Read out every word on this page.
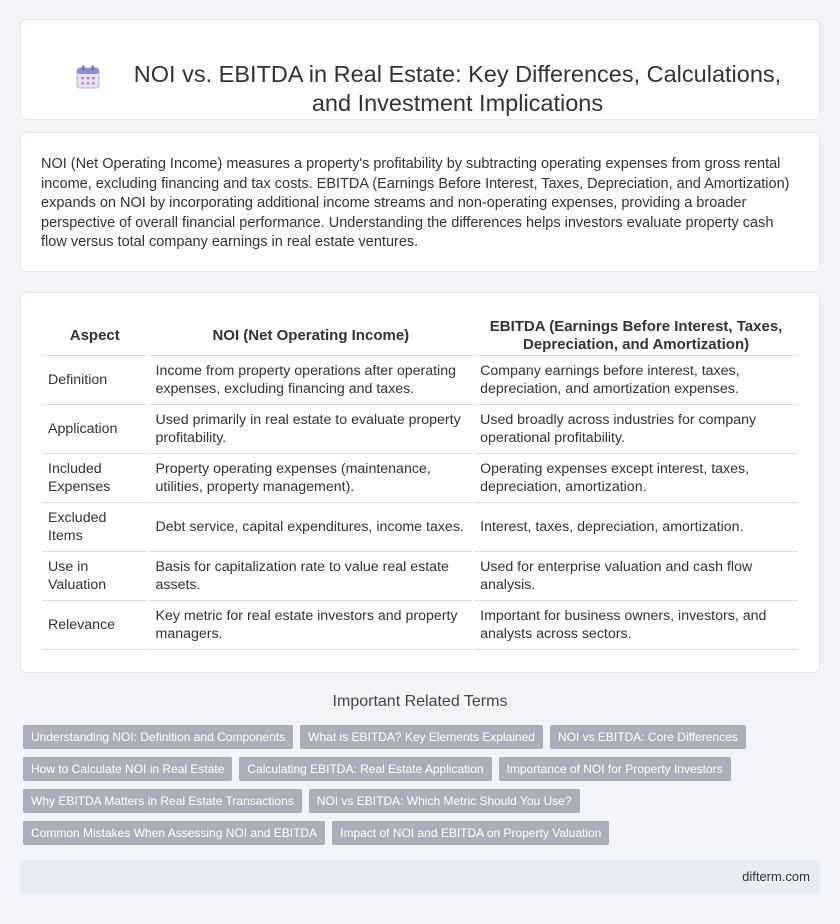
NOI vs. EBITDA in Real Estate: Key Differences, Calculations, and Investment Implications
NOI (Net Operating Income) measures a property's profitability by subtracting operating expenses from gross rental income, excluding financing and tax costs. EBITDA (Earnings Before Interest, Taxes, Depreciation, and Amortization) expands on NOI by incorporating additional income streams and non-operating expenses, providing a broader perspective of overall financial performance. Understanding the differences helps investors evaluate property cash flow versus total company earnings in real estate ventures.
Aspect	NOI (Net Operating Income)	EBITDA (Earnings Before Interest, Taxes, Depreciation, and Amortization)
Definition	Income from property operations after operating expenses, excluding financing and taxes.	Company earnings before interest, taxes, depreciation, and amortization expenses.
Application	Used primarily in real estate to evaluate property profitability.	Used broadly across industries for company operational profitability.
Included Expenses	Property operating expenses (maintenance, utilities, property management).	Operating expenses except interest, taxes, depreciation, amortization.
Excluded Items	Debt service, capital expenditures, income taxes.	Interest, taxes, depreciation, amortization.
Use in Valuation	Basis for capitalization rate to value real estate assets.	Used for enterprise valuation and cash flow analysis.
Relevance	Key metric for real estate investors and property managers.	Important for business owners, investors, and analysts across sectors.
Important Related Terms
Understanding NOI: Definition and Components	What is EBITDA? Key Elements Explained	NOI vs EBITDA: Core Differences
How to Calculate NOI in Real Estate	Calculating EBITDA: Real Estate Application	Importance of NOI for Property Investors
Why EBITDA Matters in Real Estate Transactions	NOI vs EBITDA: Which Metric Should You Use?
Common Mistakes When Assessing NOI and EBITDA	Impact of NOI and EBITDA on Property Valuation
difterm.com
